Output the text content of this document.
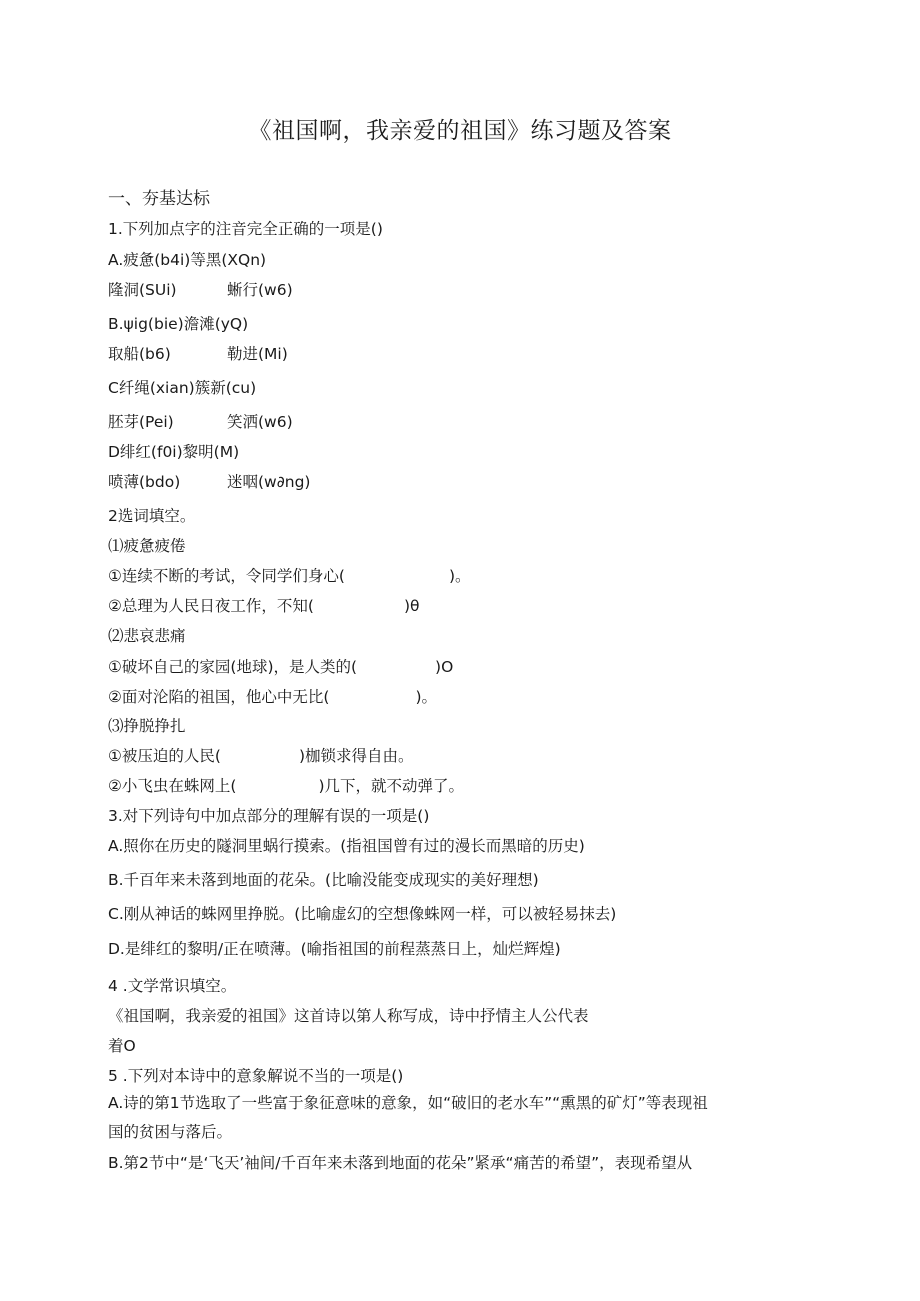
《祖国啊，我亲爱的祖国》练习题及答案
一、夯基达标
1.下列加点字的注音完全正确的一项是()
A.疲惫(b4i)等黑(XQn)
隆洞(SUi)	蜥行(w6)
B.ψig(bie)澹滩(yQ)
取船(b6)	勒进(Mi)
C纤绳(xian)簇新(cu)
胚芽(Pei)	笑洒(w6)
D绯红(f0i)黎明(M)
喷薄(bdo)	迷咽(w∂ng)
2选词填空。
⑴疲惫疲倦
①连续不断的考试，令同学们身心(	)。
②总理为人民日夜工作，不知(	)θ
⑵悲哀悲痛
①破坏自己的家园(地球)，是人类的(	)O
②面对沦陷的祖国，他心中无比(	)。
⑶挣脱挣扎
①被压迫的人民(	)枷锁求得自由。
②小飞虫在蛛网上(	)几下，就不动弹了。
3.对下列诗句中加点部分的理解有误的一项是()
A.照你在历史的隧洞里蜗行摸索。(指祖国曾有过的漫长而黑暗的历史)
B.千百年来未落到地面的花朵。(比喻没能变成现实的美好理想)
C.刚从神话的蛛网里挣脱。(比喻虚幻的空想像蛛网一样，可以被轻易抹去)
D.是绯红的黎明/正在喷薄。(喻指祖国的前程蒸蒸日上，灿烂辉煌)
4 .文学常识填空。
《祖国啊，我亲爱的祖国》这首诗以第人称写成，诗中抒情主人公代表
着O
5 .下列对本诗中的意象解说不当的一项是()
A.诗的第1节选取了一些富于象征意味的意象，如“破旧的老水车”“熏黑的矿灯”等表现祖
国的贫困与落后。
B.第2节中“是‘飞天’袖间/千百年来未落到地面的花朵”紧承“痛苦的希望”，表现希望从
